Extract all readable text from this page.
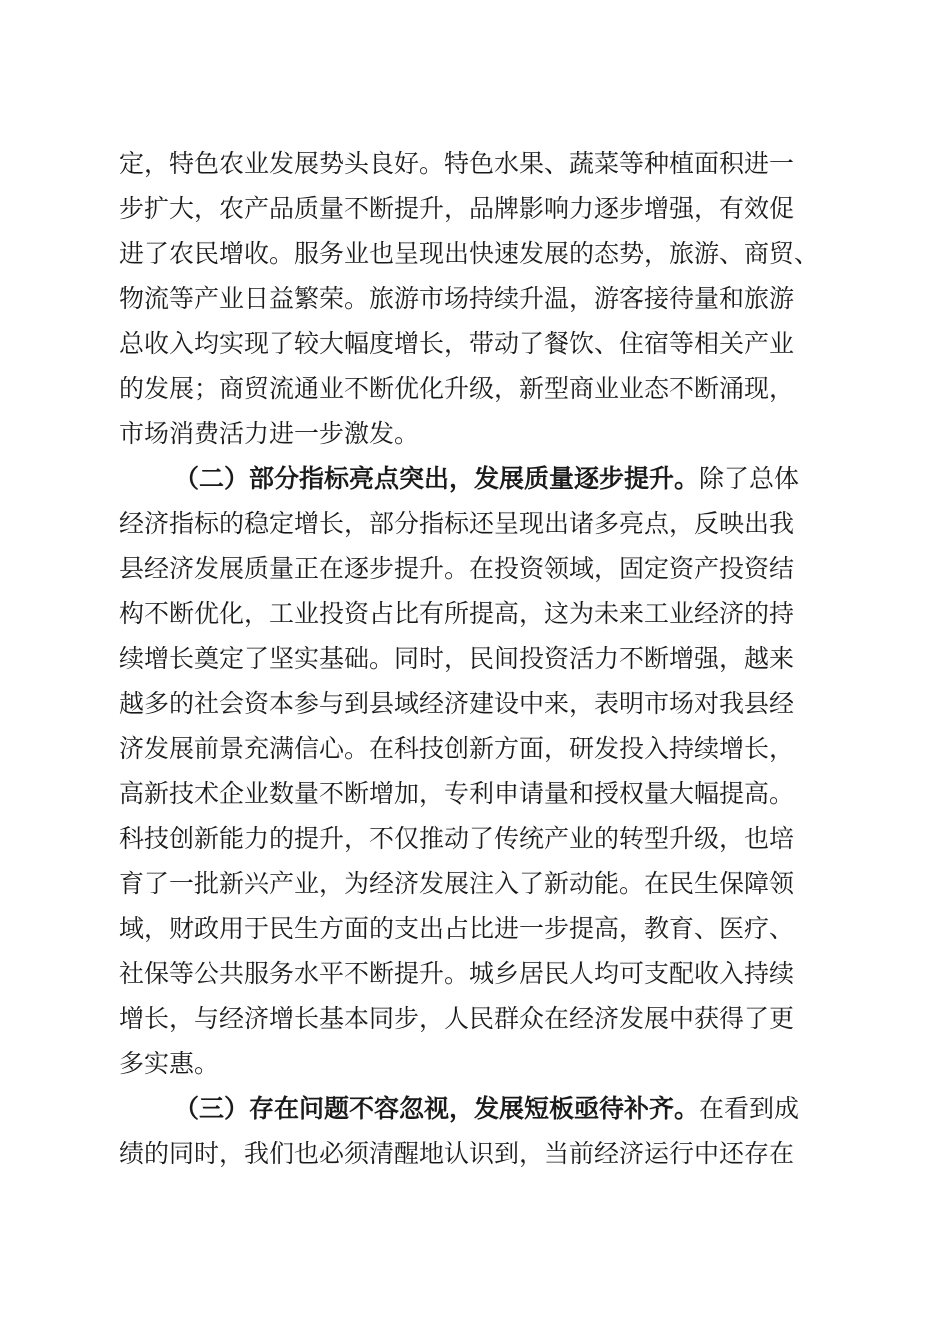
定，特色农业发展势头良好。特色水果、蔬菜等种植面积进一
步扩大，农产品质量不断提升，品牌影响力逐步增强，有效促
进了农民增收。服务业也呈现出快速发展的态势，旅游、商贸、
物流等产业日益繁荣。旅游市场持续升温，游客接待量和旅游
总收入均实现了较大幅度增长，带动了餐饮、住宿等相关产业
的发展；商贸流通业不断优化升级，新型商业业态不断涌现，
市场消费活力进一步激发。
（二）部分指标亮点突出，发展质量逐步提升。除了总体
经济指标的稳定增长，部分指标还呈现出诸多亮点，反映出我
县经济发展质量正在逐步提升。在投资领域，固定资产投资结
构不断优化，工业投资占比有所提高，这为未来工业经济的持
续增长奠定了坚实基础。同时，民间投资活力不断增强，越来
越多的社会资本参与到县域经济建设中来，表明市场对我县经
济发展前景充满信心。在科技创新方面，研发投入持续增长，
高新技术企业数量不断增加，专利申请量和授权量大幅提高。
科技创新能力的提升，不仅推动了传统产业的转型升级，也培
育了一批新兴产业，为经济发展注入了新动能。在民生保障领
域，财政用于民生方面的支出占比进一步提高，教育、医疗、
社保等公共服务水平不断提升。城乡居民人均可支配收入持续
增长，与经济增长基本同步，人民群众在经济发展中获得了更
多实惠。
（三）存在问题不容忽视，发展短板亟待补齐。在看到成
绩的同时，我们也必须清醒地认识到，当前经济运行中还存在
